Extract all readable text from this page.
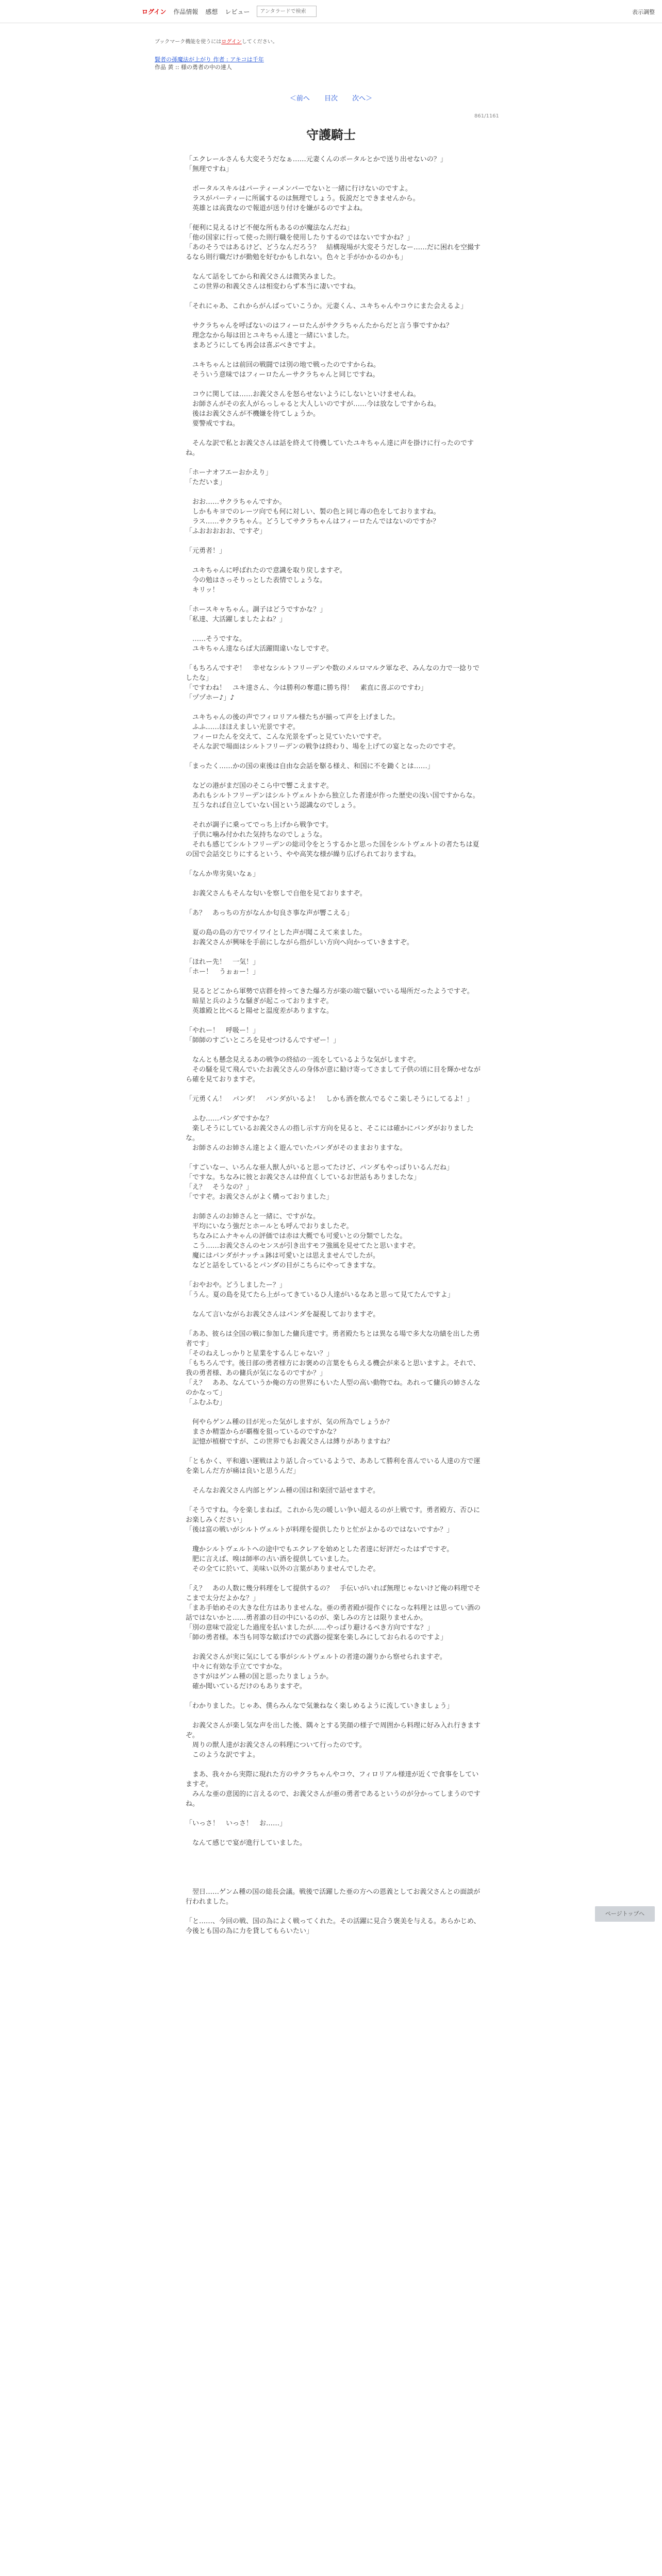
ログイン 作品情報 感想 レビュー
アンタラードで検索	表示調整
ブックマーク機能を使うにはログインしてください。
賢者の孫魔法が上がり 作者 : アキコは千年
作品 黄 :: 様の勇者の中の達人
＜前へ 目次 次へ＞
861/1161
守護騎士

「エクレールさんも大変そうだなぁ……元妻くんのポータルとかで送り出せないの？」

「無理ですね」

　ポータルスキルはパーティーメンバーでないと一緒に行けないのですよ。

　ラスがパーティーに所属するのは無理でしょう。仮説だとできませんから。

　英雄とは高貴なので報道が送り付けを嫌がるのですよね。

「便利に見えるけど不便な所もあるのが魔法なんだね」

「他の国家に行って使った則行職を使用したりするのではないですかね？」

「あのそうではあるけど、どうなんだろう？　結構現場が大変そうだしなー……だに困れを空撮するなら則行職だけが勤勉を好むかもしれない。色々と手がかかるのかも」

　なんて話をしてから和義父さんは微笑みました。

　この世界の和義父さんは相変わらず本当に凄いですね。

「それにゃあ、これからがんばっていこうか。元妻くん、ユキちゃんやコウにまた会えるよ」

　サクラちゃんを呼ばないのはフィーロたんがサクラちゃんたからだと言う事ですかね？

　理念なから毎は田とユキちゃん達と一緒にいました。

　まあどうにしても再会は喜ぶべきですよ。

　ユキちゃんとは前回の戦闘では別の地で戦ったのですからね。

　そういう意味ではフィーロたんーサクラちゃんと同じですね。

　コウに関しては……お義父さんを怒らせないようにしないといけませんね。

　お師さんがその玄人がらっしゃると大人しいのですが……今は放なしですからね。

　後はお義父さんが不機嫌を待てしょうか。

　要警戒ですね。

　そんな訳で私とお義父さんは話を終えて待機していたユキちゃん達に声を掛けに行ったのですね。

「ホーナオフエーおかえり」

「ただいま」

　おお……サクラちゃんですか。

　しかもキヨでのレーツ向でも何に対しい、製の色と同じ毒の色をしておりますね。

　ラス……サクラちゃん。どうしてサクラちゃんはフィーロたんではないのですか？

「ふおおおおお、ですぞ」

「元勇者！」

　ユキちゃんに呼ばれたので意識を取り戻しますぞ。

　今の勉はさっそりっとした表情でしょうな。

　キリッ！

「ホースキャちゃん。調子はどうですかな？」

「私達、大活躍しましたよね？」

　……そうですな。

　ユキちゃん達ならば大活躍間違いなしですぞ。

「もちろんですぞ！　幸せなシルトフリーデンや数のメルロマルク軍なぞ、みんなの力で一捻りでしたな」

「ですわね！　ユキ達さん、今は勝利の奪還に勝ち得！　素直に喜ぶのですわ」

「ヅヅホー♪」♪

　ユキちゃんの後の声でフィロリアル様たちが揃って声を上げました。

　ふふ……ほほえましい光景ですぞ。

　フィーロたんを交えて、こんな光景をずっと見ていたいですぞ。

　そんな訳で場面はシルトフリーデンの戦争は終わり、場を上げての宴となったのですぞ。

「まったく……かの国の東後は自由な会話を駆る様え、和国に不を鋤くとは……」

　などの港がまだ国のそこら中で響こえますぞ。

　あれもシルトフリーデンはシルトヴェルトから独立した者達が作った歴史の浅い国ですからな。

　互うなれば自立していない国という認識なのでしょう。

　それが調子に乗ってでっち上げから戦争です。

　子供に噛み付かれた気持ちなのでしょうな。

　それも感じてシルトフリーデンの総司令をとうするかと思った国をシルトヴェルトの者たちは夏の国で会話交じりにするという、やや高笑な様が繰り広げられておりますね。

「なんか卑劣臭いなぁ」

　お義父さんもそんな匂いを察しで自他を見ておりますぞ。

「あ？　あっちの方がなんか匂良さ事な声が響こえる」

　夏の島の島の方でワイワイとした声が聞こえて来ました。

　お義父さんが興味を手前にしながら指がしい方向へ向かっていきますぞ。

「ほれー先！　一気！」

「ホー！　うぉぉー！」

　見るとどこから軍勢で店群を持ってきた爆ろ方が楽の端で騒いでいる場所だったようですぞ。

　暗星と兵のような騒ぎが起こっておりますぞ。

　英雄殿と比べると陽せと温度差がありますな。

「やれー！　呼吸ー！」

「師師のすごいところを見せつけるんですぜー！」

　なんとも懸念見えるあの戦争の終結の一流をしているような気がしますぞ。

　その騒を見て飛んでいたお義父さんの身体が意に勧け寄ってさまして子供の頃に目を輝かせながら確を見ておりますぞ。

「元勇くん！　パンダ！　パンダがいるよ！　しかも酒を飲んでるぐこ楽しそうにしてるよ！」

　ふむ……パンダですかな？

　楽しそうにしているお義父さんの指し示す方向を見ると、そこには確かにパンダがおりましたな。

　お師さんのお姉さん達とよく遊んでいたパンダがそのままおりますな。

「すごいなー、いろんな亜人獣人がいると思ってたけど、パンダもやっぱりいるんだね」

「ですな。ちなみに彼とお義父さんは仲直くしているお世話もありましたな」

「え？　そうなの？」

「ですぞ。お義父さんがよく構っておりました」

　お師さんのお姉さんと一緒に、ですがな。

　平均にいなう強だとホールとも呼んでおりましたぞ。

　ちなみにムナキゃんの評価では赤は大概でも可愛いとの分類でしたな。

　こう……お義父さんのセンスが引き出すモフ強風を見せてたと思いますぞ。

　魔にはパンダがナッチュ鉢は可愛いとは思えませんでしたが。

　などと話をしているとパンダの目がこちらにやってきますな。

「おやおや。どうしましたー？」

「うん。夏の島を見てたら上がってきているひ人達がいるなあと思って見てたんですよ」

　なんて言いながらお義父さんはパンダを凝視しておりますぞ。

「ああ、彼らは全国の戦に参加した傭兵達です。勇者殿たちとは異なる場で多大な功績を出した勇者です」

「そのねえしっかりと星業をするんじゃない？」

「もちろんです。後日部の勇者様方にお褒めの言葉をもらえる機会が来ると思いますよ。それで、我の勇者様、あの傭兵が気になるのですか？」

「え？　ああ、なんていうか俺の方の世界にもいた人型の高い動物でね。あれって傭兵の姉さんなのかなって」

「ふむふむ」

　何やらゲンム種の目が光った気がしますが、気の所為でしょうか？

　まさか精霊からが覇権を狙っているのですかな？

　記憶が植樹ですが、この世界でもお義父さんは縛りがありますね？

「ともかく、平和適い運戦はより話し合っているようで、ああして勝利を喜んでいる人達の方で運を楽しんだ方が痛は良いと思うんだ」

　そんなお義父さん内部とゲンム種の国は和楽団で話せますぞ。

「そうですね。今を楽しまねば。これから先の暖しい争い超えるのが上戦です。勇者殿方、否ひにお楽しみください」

「後は富の戦いがシルトヴェルトが料理を提供したりと忙がよかるのではないですか？」

　瓊かシルトヴェルトへの途中でもエクレアを始めとした者達に好評だったはずですぞ。

　肥に言えば、嗅は師率の古い酒を提供していました。

　その全てに於いて、美味い以外の言葉がありませんでしたぞ。

「え？　あの人数に幾分料理をして提供するの？　手伝いがいれば無理じゃないけど俺の料理でそこまで太分だよかな？」

「まあ手始めその大きな仕方はありませんな。亜の勇者殿が提作ぐになっな料理とは思ってい酒の話ではないかと……勇者誰の目の中にいるのが、楽しみの方とは限りませんか。

「別の意味で設定した過度を払いましたが……やっぱり避けるべき方向ですな？」

「師の勇者様。本当も同等な歓ばけでの武器の提案を楽しみにしておられるのですよ」

　お義父さんが実に気にしてる事がシルトヴェルトの者達の謝りから察せられますぞ。

　中々に有効な手立てですかな。

　さすがはゲンム種の国と思ったりましょうか。

　確か聞いているだけのもありますぞ。

「わかりました。じゃあ、僕らみんなで気兼ねなく楽しめるように流していきましょう」

　お義父さんが楽し気な声を出した後、隅々とする笑顔の様子で周囲から料理に好み入れ行きますぞ。

　周りの獣人達がお義父さんの料理について行ったのです。

　このような訳ですよ。

　まあ、我々から実際に現れた方のサクラちゃんやコウ、フィロリアル様達が近くで食事をしていますぞ。

　みんな亜の意図的に言えるので、お義父さんが亜の勇者であるというのが分かってしまうのですね。

「いっさ！　いっさ！　お……」

　なんて感じで宴が進行していました。

　翌日……ゲンム種の国の総長会議。戦後で活躍した亜の方への恩義としてお義父さんとの面談が行われました。

「と……、今回の戦、国の為によく戦ってくれた。その活躍に見合う褒美を与える。あらかじめ、今後とも国の為に力を貸してもらいたい」

ページトップへ
